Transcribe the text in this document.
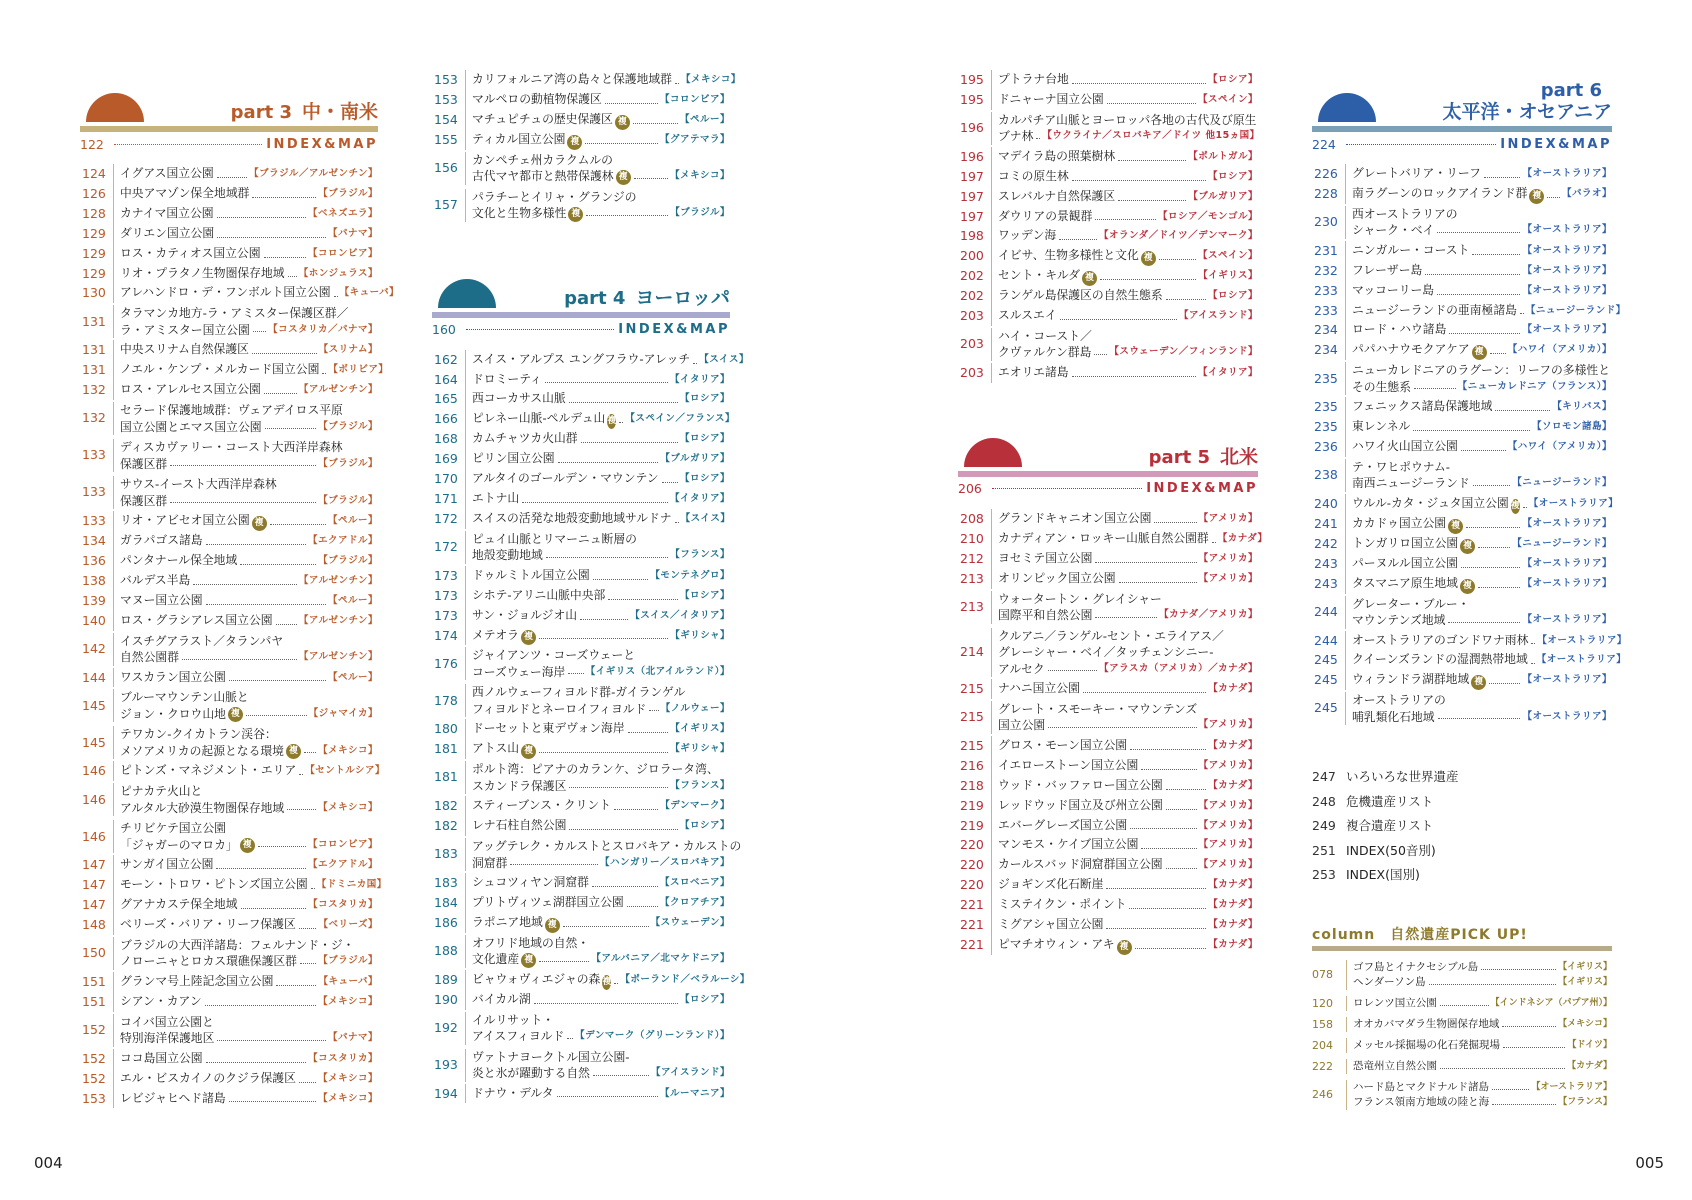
part 3 中・南米
122	INDEX&MAP
124	イグアス国立公園	【ブラジル／アルゼンチン】
126	中央アマゾン保全地域群	【ブラジル】
128	カナイマ国立公園	【ベネズエラ】
129	ダリエン国立公園	【パナマ】
129	ロス・カティオス国立公園	【コロンビア】
129	リオ・プラタノ生物圏保存地域 【ホンジュラス】
130	アレハンドロ・デ・フンボルト国立公園 【キューバ】
131
タラマンカ地方-ラ・アミスター保護区群／
ラ・アミスター国立公園 【コスタリカ／パナマ】
131	中央スリナム自然保護区	【スリナム】
131	ノエル・ケンプ・メルカード国立公園 【ボリビア】
132	ロス・アレルセス国立公園	【アルゼンチン】
132
セラード保護地域群：ヴェアデイロス平原
国立公園とエマス国立公園	【ブラジル】
133
ディスカヴァリー・コースト大西洋岸森林
保護区群	【ブラジル】
133
サウス-イースト大西洋岸森林
保護区群	【ブラジル】
133	リオ・アビセオ国立公園 複	【ペルー】
134	ガラパゴス諸島	【エクアドル】
136	パンタナール保全地域	【ブラジル】
138	バルデス半島	【アルゼンチン】
139	マヌー国立公園	【ペルー】
140	ロス・グラシアレス国立公園	【アルゼンチン】
142
イスチグアラスト／タランパヤ
自然公園群	【アルゼンチン】
144	ワスカラン国立公園	【ペルー】
145
ブルーマウンテン山脈と
ジョン・クロウ山地 複	【ジャマイカ】
145
テワカン-クイカトラン渓谷：
メソアメリカの起源となる環境 複	【メキシコ】
146	ピトンズ・マネジメント・エリア 【セントルシア】
146
ピナカテ火山と
アルタル大砂漠生物圏保存地域	【メキシコ】
146
チリビケテ国立公園
「ジャガーのマロカ」 複	【コロンビア】
147	サンガイ国立公園	【エクアドル】
147	モーン・トロワ・ピトンズ国立公園 【ドミニカ国】
147	グアナカステ保全地域	【コスタリカ】
148	ベリーズ・バリア・リーフ保護区 【ベリーズ】
150
ブラジルの大西洋諸島：フェルナンド・ジ・
ノローニャとロカス環礁保護区群 【ブラジル】
151	グランマ号上陸記念国立公園	【キューバ】
151	シアン・カアン	【メキシコ】
152
コイバ国立公園と
特別海洋保護地区	【パナマ】
152	ココ島国立公園	【コスタリカ】
152	エル・ビスカイノのクジラ保護区 【メキシコ】
153	レビジャヒヘド諸島	【メキシコ】
153	カリフォルニア湾の島々と保護地域群 【メキシコ】
153	マルペロの動植物保護区	【コロンビア】
154	マチュピチュの歴史保護区 複	【ペルー】
155	ティカル国立公園 複	【グアテマラ】
156
カンペチェ州カラクムルの
古代マヤ都市と熱帯保護林 複	【メキシコ】
157
パラチーとイリャ・グランジの
文化と生物多様性 複	【ブラジル】
part 4 ヨーロッパ
160	INDEX&MAP
162	スイス・アルプス ユングフラウ-アレッチ 【スイス】
164	ドロミーティ	【イタリア】
165	西コーカサス山脈	【ロシア】
166	ピレネー山脈-ペルデュ山 複 【スペイン／フランス】
168	カムチャツカ火山群	【ロシア】
169	ピリン国立公園	【ブルガリア】
170	アルタイのゴールデン・マウンテン 【ロシア】
171	エトナ山	【イタリア】
172	スイスの活発な地殻変動地域サルドナ 【スイス】
172
ピュイ山脈とリマーニュ断層の
地殻変動地域	【フランス】
173	ドゥルミトル国立公園	【モンテネグロ】
173	シホテ-アリニ山脈中央部	【ロシア】
173	サン・ジョルジオ山	【スイス／イタリア】
174	メテオラ 複	【ギリシャ】
176
ジャイアンツ・コーズウェーと
コーズウェー海岸 【イギリス（北アイルランド）】
178
西ノルウェーフィヨルド群-ガイランゲル
フィヨルドとネーロイフィヨルド 【ノルウェー】
180	ドーセットと東デヴォン海岸	【イギリス】
181	アトス山 複	【ギリシャ】
181
ポルト湾：ピアナのカランケ、ジロラータ湾、
スカンドラ保護区	【フランス】
182	スティーブンス・クリント	【デンマーク】
182	レナ石柱自然公園	【ロシア】
183
アッグテレク・カルストとスロバキア・カルストの
洞窟群	【ハンガリー／スロバキア】
183	シュコツィヤン洞窟群	【スロベニア】
184	プリトヴィツェ湖群国立公園	【クロアチア】
186	ラポニア地域 複	【スウェーデン】
188
オフリド地域の自然・
文化遺産 複	【アルバニア／北マケドニア】
189	ビャウォヴィエジャの森 複 【ポーランド／ベラルーシ】
190	バイカル湖	【ロシア】
192
イルリサット・
アイスフィヨルド 【デンマーク（グリーンランド）】
193
ヴァトナヨークトル国立公園-
炎と氷が躍動する自然	【アイスランド】
194	ドナウ・デルタ	【ルーマニア】
195	プトラナ台地	【ロシア】
195	ドニャーナ国立公園	【スペイン】
196
カルパチア山脈とヨーロッパ各地の古代及び原生
ブナ林 【ウクライナ／スロバキア／ドイツ 他15ヵ国】
196	マデイラ島の照葉樹林	【ポルトガル】
197	コミの原生林	【ロシア】
197	スレバルナ自然保護区	【ブルガリア】
197	ダウリアの景観群	【ロシア／モンゴル】
198	ワッデン海	【オランダ／ドイツ／デンマーク】
200	イビサ、生物多様性と文化 複	【スペイン】
202	セント・キルダ 複	【イギリス】
202	ランゲル島保護区の自然生態系	【ロシア】
203	スルスエイ	【アイスランド】
203
ハイ・コースト／
クヴァルケン群島 【スウェーデン／フィンランド】
203	エオリエ諸島	【イタリア】
part 5 北米
206	INDEX&MAP
208	グランドキャニオン国立公園	【アメリカ】
210	カナディアン・ロッキー山脈自然公園群 【カナダ】
212	ヨセミテ国立公園	【アメリカ】
213	オリンピック国立公園	【アメリカ】
213
ウォータートン・グレイシャー
国際平和自然公園	【カナダ／アメリカ】
214
クルアニ／ランゲル-セント・エライアス／
グレーシャー・ベイ／タッチェンシニー-
アルセク	【アラスカ（アメリカ）／カナダ】
215	ナハニ国立公園	【カナダ】
215
グレート・スモーキー・マウンテンズ
国立公園	【アメリカ】
215	グロス・モーン国立公園	【カナダ】
216	イエローストーン国立公園	【アメリカ】
218	ウッド・バッファロー国立公園	【カナダ】
219	レッドウッド国立及び州立公園	【アメリカ】
219	エバーグレーズ国立公園	【アメリカ】
220	マンモス・ケイブ国立公園	【アメリカ】
220	カールスバッド洞窟群国立公園	【アメリカ】
220	ジョギンズ化石断崖	【カナダ】
221	ミステイクン・ポイント	【カナダ】
221	ミグアシャ国立公園	【カナダ】
221	ピマチオウィン・アキ 複	【カナダ】
part 6
太平洋・オセアニア
224	INDEX&MAP
226	グレートバリア・リーフ	【オーストラリア】
228	南ラグーンのロックアイランド群 複	【パラオ】
230
西オーストラリアの
シャーク・ベイ	【オーストラリア】
231	ニンガルー・コースト	【オーストラリア】
232	フレーザー島	【オーストラリア】
233	マッコーリー島	【オーストラリア】
233	ニュージーランドの亜南極諸島 【ニュージーランド】
234	ロード・ハウ諸島	【オーストラリア】
234	パパハナウモクアケア 複	【ハワイ（アメリカ）】
235
ニューカレドニアのラグーン：リーフの多様性と
その生態系	【ニューカレドニア（フランス）】
235	フェニックス諸島保護地域	【キリバス】
235	東レンネル	【ソロモン諸島】
236	ハワイ火山国立公園	【ハワイ（アメリカ）】
238
テ・ワヒポウナム-
南西ニュージーランド	【ニュージーランド】
240	ウルル-カタ・ジュタ国立公園 複 【オーストラリア】
241	カカドゥ国立公園 複	【オーストラリア】
242	トンガリロ国立公園 複	【ニュージーランド】
243	パーヌルル国立公園	【オーストラリア】
243	タスマニア原生地域 複	【オーストラリア】
244
グレーター・ブルー・
マウンテンズ地域	【オーストラリア】
244	オーストラリアのゴンドワナ雨林 【オーストラリア】
245	クイーンズランドの湿潤熱帯地域 【オーストラリア】
245	ウィランドラ湖群地域 複	【オーストラリア】
245
オーストラリアの
哺乳類化石地域	【オーストラリア】
247 いろいろな世界遺産
248 危機遺産リスト
249 複合遺産リスト
251 INDEX(50音別)
253 INDEX(国別)
column　自然遺産PICK UP!
078
ゴフ島とイナクセシブル島	【イギリス】
ヘンダーソン島	【イギリス】
120	ロレンツ国立公園	【インドネシア（パプア州）】
158	オオカバマダラ生物圏保存地域	【メキシコ】
204	メッセル採掘場の化石発掘現場	【ドイツ】
222	恐竜州立自然公園	【カナダ】
246
ハード島とマクドナルド諸島	【オーストラリア】
フランス領南方地域の陸と海	【フランス】
004	005
